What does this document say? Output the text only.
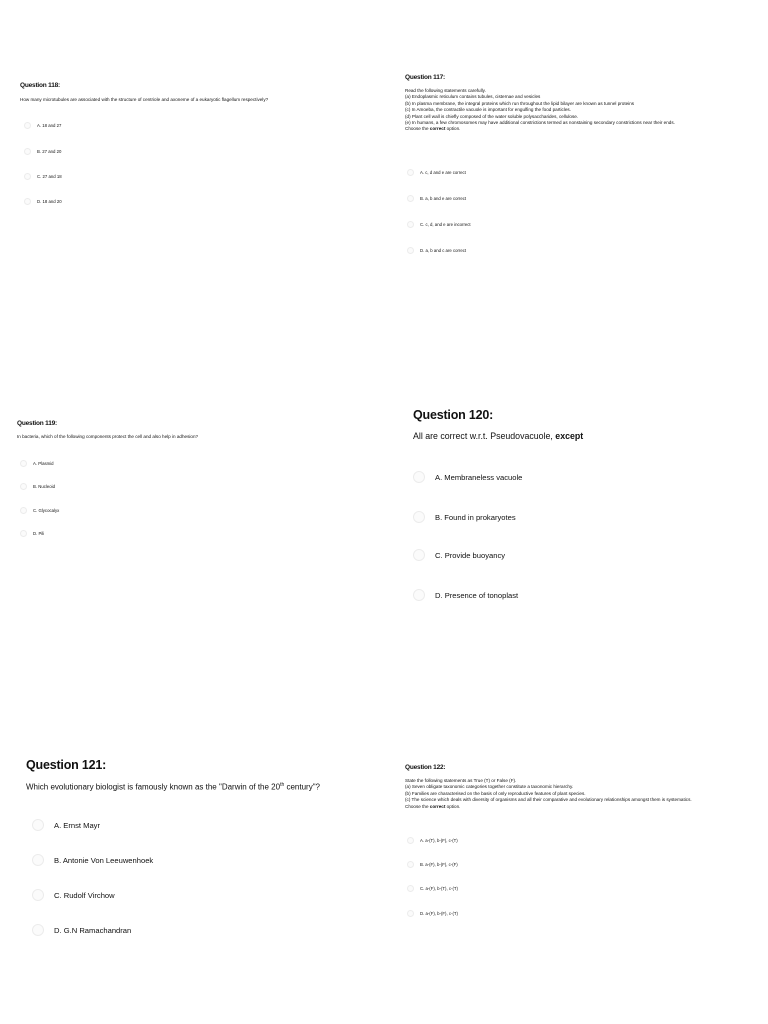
Question 118:

How many microtubules are associated with the structure of centriole and axoneme of a eukaryotic flagellum respectively?

A. 18 and 27
B. 27 and 20
C. 27 and 18
D. 18 and 20

Question 117:

Read the following statements carefully.

(a) Endoplasmic reticulum contains tubules, cisternae and vesicles

(b) In plasma membrane, the integral proteins which run throughout the lipid bilayer are known as tunnel proteins

(c) In Amoeba, the contractile vacuole is important for engulfing the food particles.

(d) Plant cell wall is chiefly composed of the water soluble polysaccharides, cellulose.

(e) In humans, a few chromosomes may have additional constrictions termed as nonstaining secondary constrictions near their ends.

Choose the correct option.

A. c, d and e are correct
B. a, b and e are correct
C. c, d, and e are incorrect
D. a, b and c are correct

Question 119:

In bacteria, which of the following components protect the cell and also help in adhesion?

A. Plasmid
B. Nucleoid
C. Glycocalyx
D. Pili

Question 120:

All are correct w.r.t. Pseudovacuole, except

A. Membraneless vacuole
B. Found in prokaryotes
C. Provide buoyancy
D. Presence of tonoplast

Question 121:

Which evolutionary biologist is famously known as the "Darwin of the 20th century"?

A. Ernst Mayr
B. Antonie Von Leeuwenhoek
C. Rudolf Virchow
D. G.N Ramachandran

Question 122:

State the following statements as True (T) or False (F).

(a) Seven obligate taxonomic categories together constitute a taxonomic hierarchy.

(b) Families are characterised on the basis of only reproductive features of plant species.

(c) The science which deals with diversity of organisms and all their comparative and evolutionary relationships amongst them is systematics.

Choose the correct option.

A. a-(T), b-(F), c-(T)
B. a-(F), b-(F), c-(F)
C. a-(F), b-(T), c-(T)
D. a-(F), b-(F), c-(T)
